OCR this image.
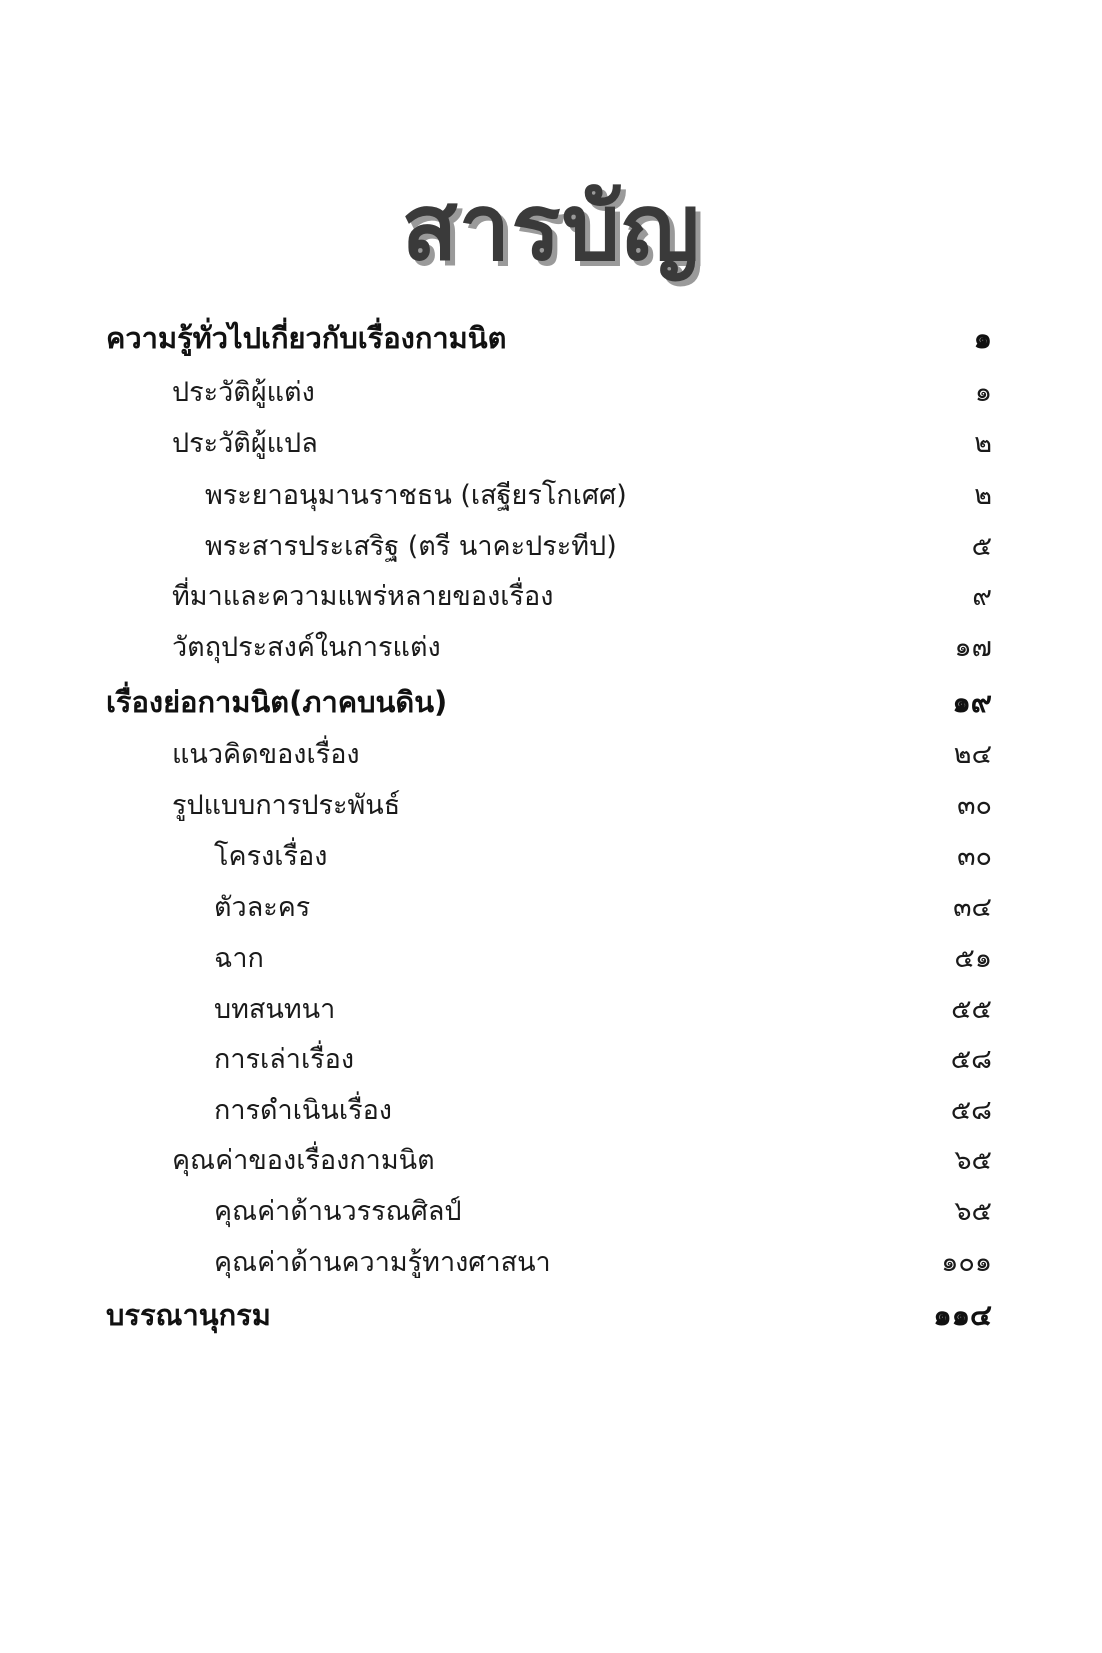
สารบัญ
ความรู้ทั่วไปเกี่ยวกับเรื่องกามนิต	๑
ประวัติผู้แต่ง	๑
ประวัติผู้แปล	๒
พระยาอนุมานราชธน (เสฐียรโกเศศ)	๒
พระสารประเสริฐ (ตรี นาคะประทีป)	๕
ที่มาและความแพร่หลายของเรื่อง	๙
วัตถุประสงค์ในการแต่ง	๑๗
เรื่องย่อกามนิต(ภาคบนดิน)	๑๙
แนวคิดของเรื่อง	๒๔
รูปแบบการประพันธ์	๓๐
โครงเรื่อง	๓๐
ตัวละคร	๓๔
ฉาก	๕๑
บทสนทนา	๕๕
การเล่าเรื่อง	๕๘
การดำเนินเรื่อง	๕๘
คุณค่าของเรื่องกามนิต	๖๕
คุณค่าด้านวรรณศิลป์	๖๕
คุณค่าด้านความรู้ทางศาสนา	๑๐๑
บรรณานุกรม	๑๑๔
